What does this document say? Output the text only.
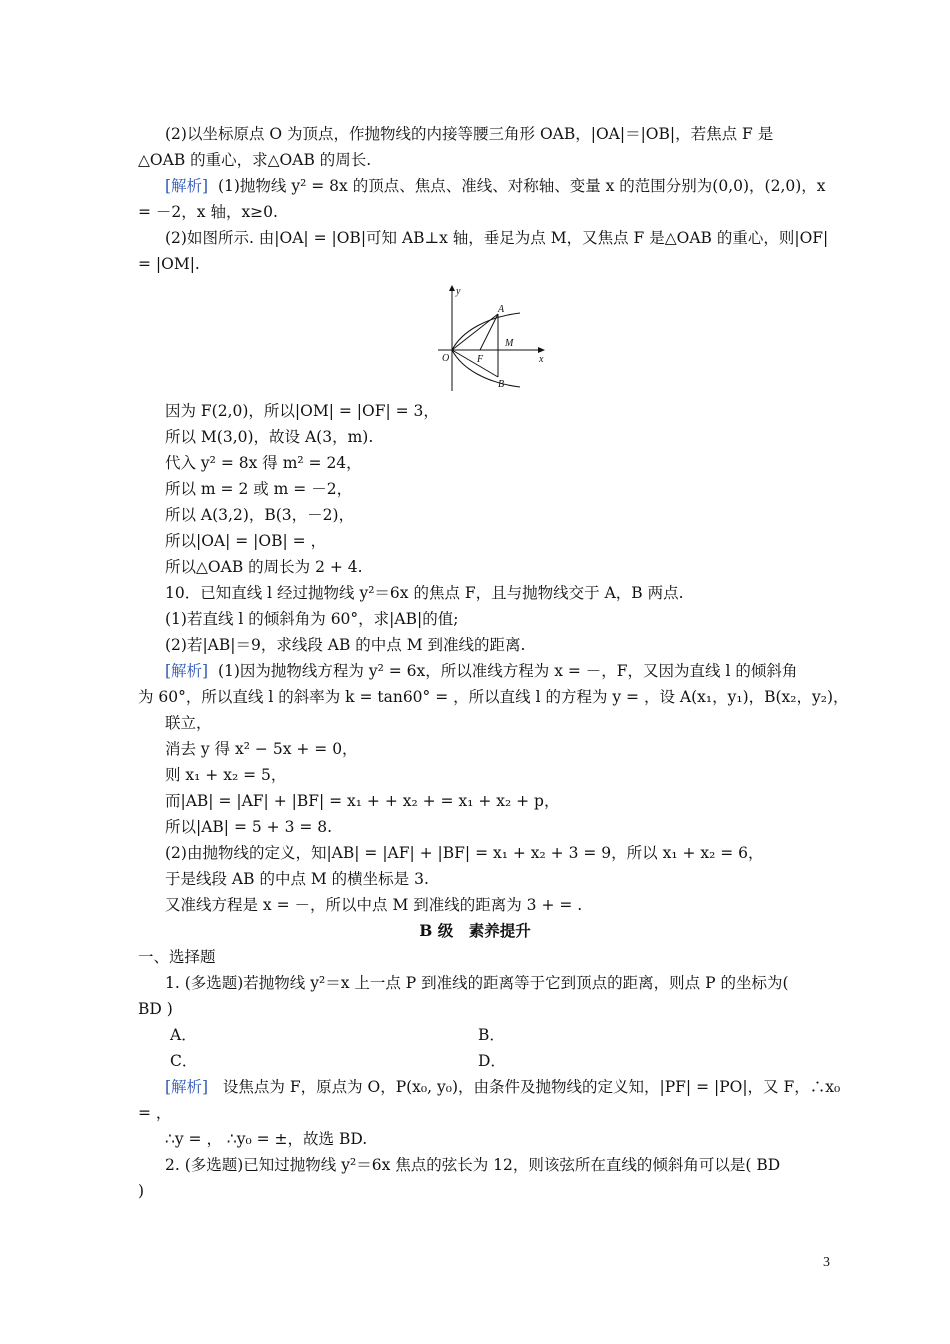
(2)以坐标原点 O 为顶点，作抛物线的内接等腰三角形 OAB，|OA|＝|OB|，若焦点 F 是
△OAB 的重心，求△OAB 的周长.
[解析] (1)抛物线 y² = 8x 的顶点、焦点、准线、对称轴、变量 x 的范围分别为(0,0)，(2,0)，x
= －2，x 轴，x≥0.
(2)如图所示. 由|OA| = |OB|可知 AB⊥x 轴，垂足为点 M，又焦点 F 是△OAB 的重心，则|OF|
= |OM|.
y
x
O
A
B
M
F
因为 F(2,0)，所以|OM| = |OF| = 3，
所以 M(3,0)，故设 A(3，m).
代入 y² = 8x 得 m² = 24，
所以 m = 2 或 m = －2，
所以 A(3,2)，B(3，－2)，
所以|OA| = |OB| = ，
所以△OAB 的周长为 2 + 4.
10．已知直线 l 经过抛物线 y²＝6x 的焦点 F，且与抛物线交于 A，B 两点.
(1)若直线 l 的倾斜角为 60°，求|AB|的值;
(2)若|AB|＝9，求线段 AB 的中点 M 到准线的距离.
[解析] (1)因为抛物线方程为 y² = 6x，所以准线方程为 x = －，F，又因为直线 l 的倾斜角
为 60°，所以直线 l 的斜率为 k = tan60° = ，所以直线 l 的方程为 y = ，设 A(x₁，y₁)，B(x₂，y₂)，
联立，
消去 y 得 x² − 5x + = 0，
则 x₁ + x₂ = 5，
而|AB| = |AF| + |BF| = x₁ + + x₂ + = x₁ + x₂ + p，
所以|AB| = 5 + 3 = 8.
(2)由抛物线的定义，知|AB| = |AF| + |BF| = x₁ + x₂ + 3 = 9，所以 x₁ + x₂ = 6，
于是线段 AB 的中点 M 的横坐标是 3.
又准线方程是 x = －，所以中点 M 到准线的距离为 3 + = .
B 级　素养提升
一、选择题
1. (多选题)若抛物线 y²＝x 上一点 P 到准线的距离等于它到顶点的距离，则点 P 的坐标为(
BD )
A．	B．
C．	D．
[解析] 设焦点为 F，原点为 O，P(x₀, y₀)，由条件及抛物线的定义知，|PF| = |PO|，又 F，∴x₀
= ，
∴y = ， ∴y₀ = ±，故选 BD.
2. (多选题)已知过抛物线 y²＝6x 焦点的弦长为 12，则该弦所在直线的倾斜角可以是( BD
)
3
